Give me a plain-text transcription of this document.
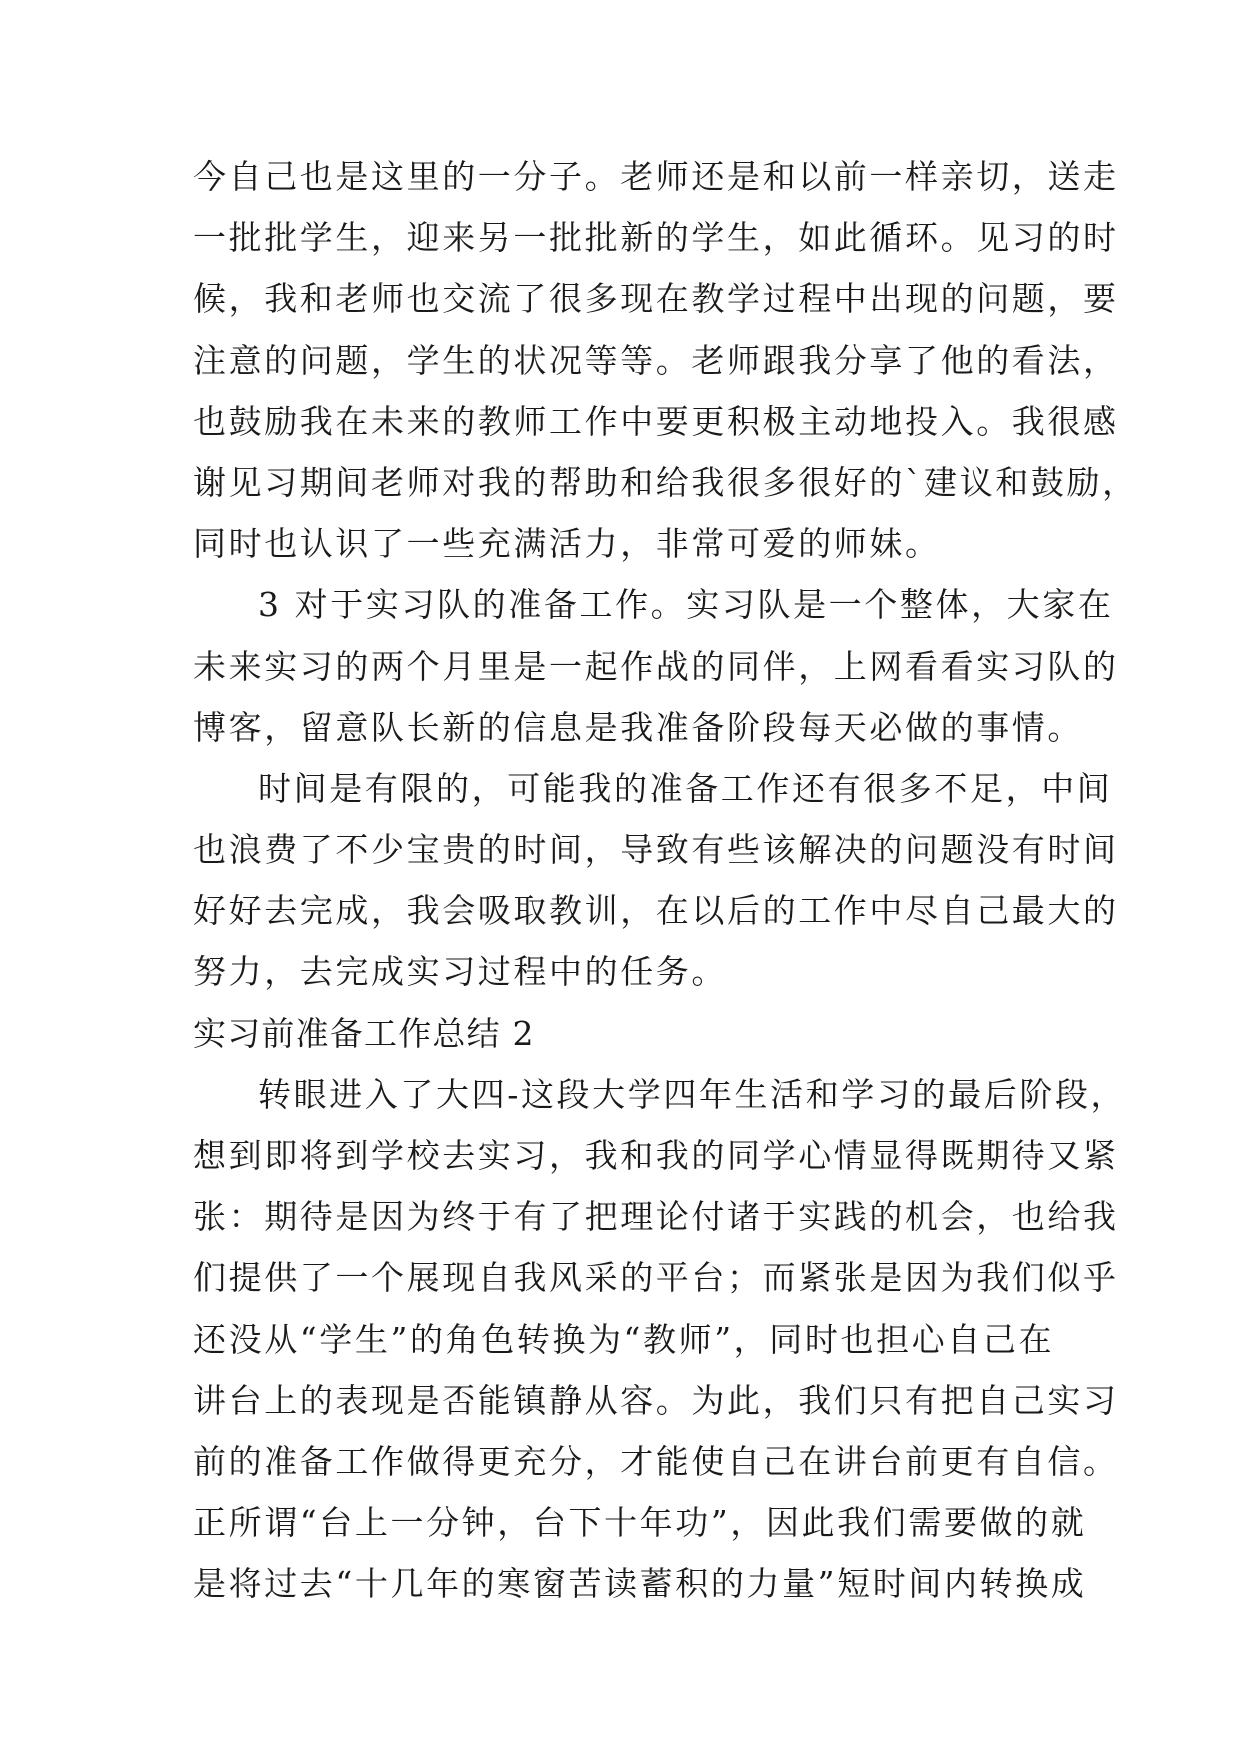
今自己也是这里的一分子。老师还是和以前一样亲切，送走
一批批学生，迎来另一批批新的学生，如此循环。见习的时
候，我和老师也交流了很多现在教学过程中出现的问题，要
注意的问题，学生的状况等等。老师跟我分享了他的看法，
也鼓励我在未来的教师工作中要更积极主动地投入。我很感
谢见习期间老师对我的帮助和给我很多很好的`建议和鼓励，
同时也认识了一些充满活力，非常可爱的师妹。
3 对于实习队的准备工作。实习队是一个整体，大家在
未来实习的两个月里是一起作战的同伴，上网看看实习队的
博客，留意队长新的信息是我准备阶段每天必做的事情。
时间是有限的，可能我的准备工作还有很多不足，中间
也浪费了不少宝贵的时间，导致有些该解决的问题没有时间
好好去完成，我会吸取教训，在以后的工作中尽自己最大的
努力，去完成实习过程中的任务。
实习前准备工作总结 2
转眼进入了大四-这段大学四年生活和学习的最后阶段，
想到即将到学校去实习，我和我的同学心情显得既期待又紧
张：期待是因为终于有了把理论付诸于实践的机会，也给我
们提供了一个展现自我风采的平台；而紧张是因为我们似乎
还没从“学生”的角色转换为“教师”，同时也担心自己在
讲台上的表现是否能镇静从容。为此，我们只有把自己实习
前的准备工作做得更充分，才能使自己在讲台前更有自信。
正所谓“台上一分钟，台下十年功”，因此我们需要做的就
是将过去“十几年的寒窗苦读蓄积的力量”短时间内转换成
